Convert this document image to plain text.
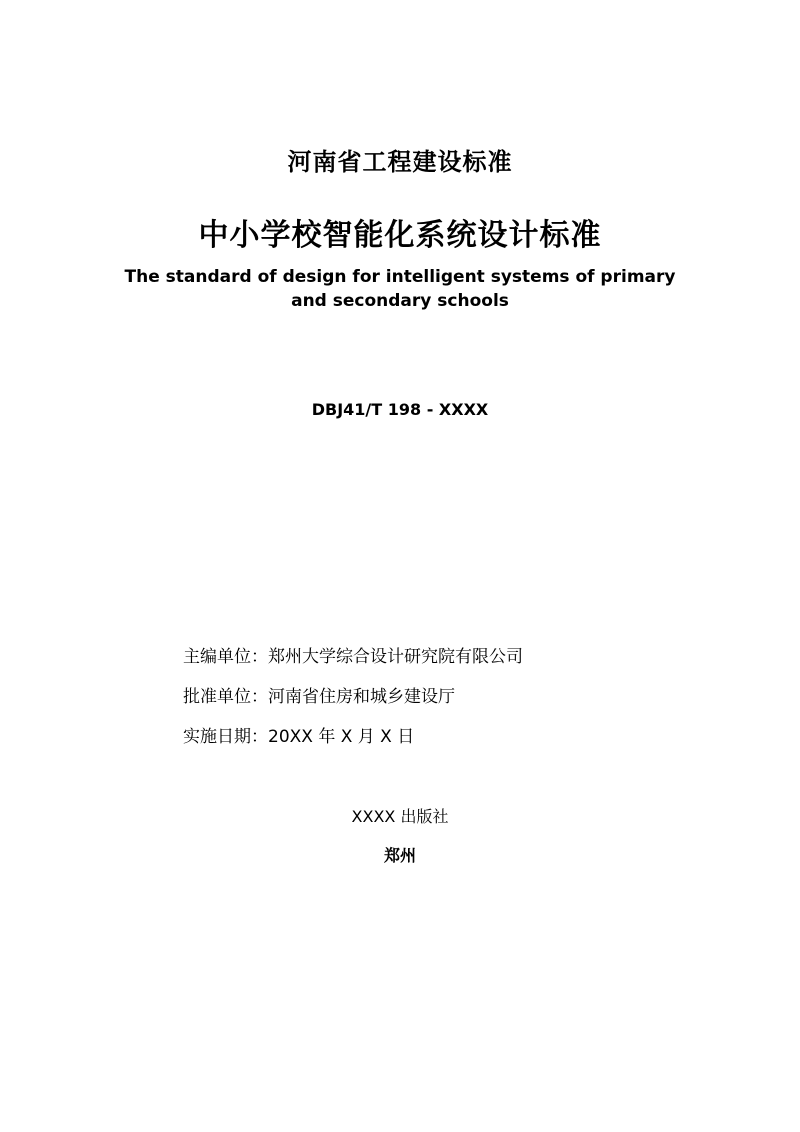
河南省工程建设标准
中小学校智能化系统设计标准
The standard of design for intelligent systems of primary
and secondary schools
DBJ41/T 198 - XXXX
主编单位：郑州大学综合设计研究院有限公司
批准单位：河南省住房和城乡建设厅
实施日期：20XX 年 X 月 X 日
XXXX 出版社
郑州
